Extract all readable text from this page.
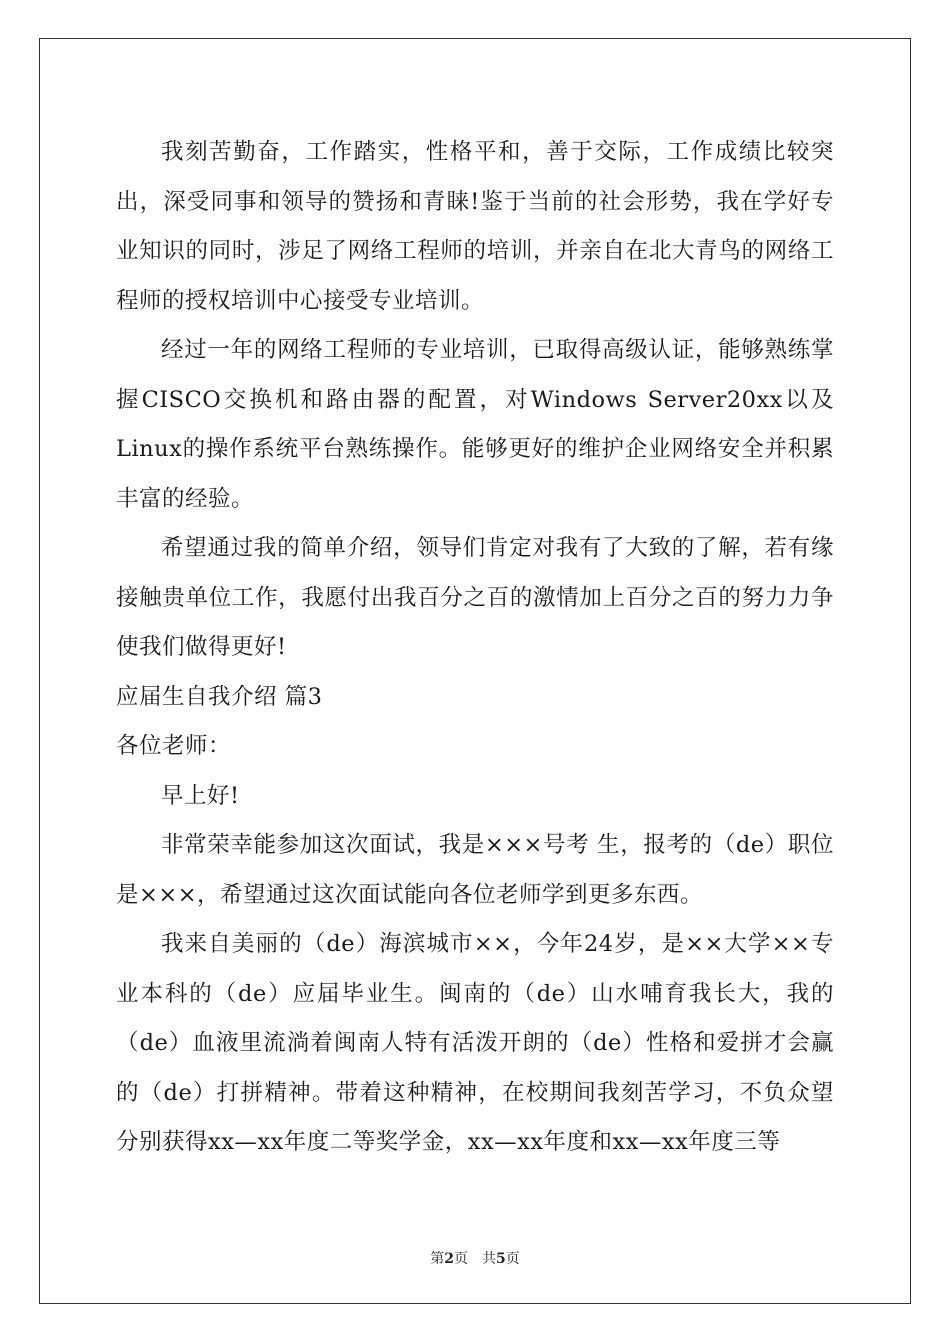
我刻苦勤奋，工作踏实，性格平和，善于交际，工作成绩比较突出，深受同事和领导的赞扬和青睐!鉴于当前的社会形势，我在学好专业知识的同时，涉足了网络工程师的培训，并亲自在北大青鸟的网络工程师的授权培训中心接受专业培训。

经过一年的网络工程师的专业培训，已取得高级认证，能够熟练掌握CISCO交换机和路由器的配置，对Windows Server20xx以及Linux的操作系统平台熟练操作。能够更好的维护企业网络安全并积累丰富的经验。

希望通过我的简单介绍，领导们肯定对我有了大致的了解，若有缘接触贵单位工作，我愿付出我百分之百的激情加上百分之百的努力力争使我们做得更好!

应届生自我介绍 篇3

各位老师：

早上好!

非常荣幸能参加这次面试，我是×××号考 生，报考的（de）职位是×××，希望通过这次面试能向各位老师学到更多东西。

我来自美丽的（de）海滨城市××，今年24岁，是××大学××专业本科的（de）应届毕业生。闽南的（de）山水哺育我长大，我的（de）血液里流淌着闽南人特有活泼开朗的（de）性格和爱拼才会赢的（de）打拼精神。带着这种精神，在校期间我刻苦学习，不负众望分别获得xx—xx年度二等奖学金，xx—xx年度和xx—xx年度三等

第2页　共5页
